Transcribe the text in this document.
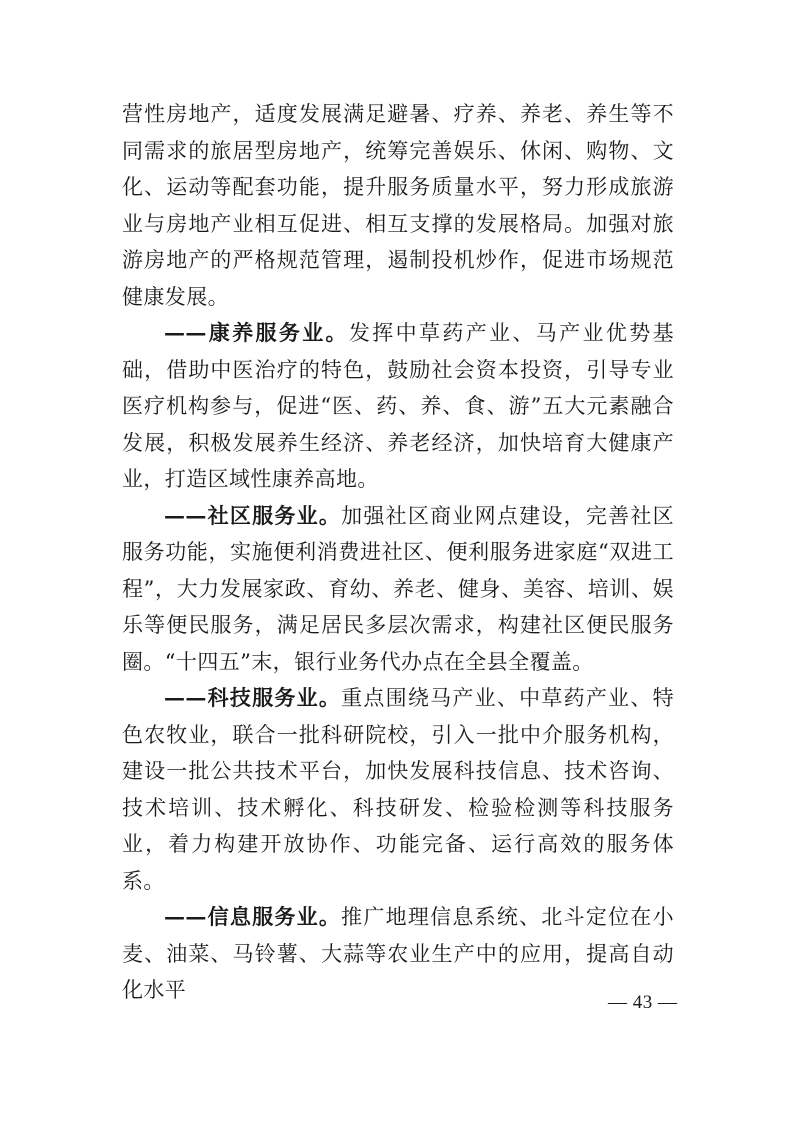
营性房地产，适度发展满足避暑、疗养、养老、养生等不同需求的旅居型房地产，统筹完善娱乐、休闲、购物、文化、运动等配套功能，提升服务质量水平，努力形成旅游业与房地产业相互促进、相互支撑的发展格局。加强对旅游房地产的严格规范管理，遏制投机炒作，促进市场规范健康发展。

——康养服务业。发挥中草药产业、马产业优势基础，借助中医治疗的特色，鼓励社会资本投资，引导专业医疗机构参与，促进“医、药、养、食、游”五大元素融合发展，积极发展养生经济、养老经济，加快培育大健康产业，打造区域性康养高地。

——社区服务业。加强社区商业网点建设，完善社区服务功能，实施便利消费进社区、便利服务进家庭“双进工程”，大力发展家政、育幼、养老、健身、美容、培训、娱乐等便民服务，满足居民多层次需求，构建社区便民服务圈。“十四五”末，银行业务代办点在全县全覆盖。

——科技服务业。重点围绕马产业、中草药产业、特色农牧业，联合一批科研院校，引入一批中介服务机构，建设一批公共技术平台，加快发展科技信息、技术咨询、技术培训、技术孵化、科技研发、检验检测等科技服务业，着力构建开放协作、功能完备、运行高效的服务体系。

——信息服务业。推广地理信息系统、北斗定位在小麦、油菜、马铃薯、大蒜等农业生产中的应用，提高自动化水平

— 43 —
